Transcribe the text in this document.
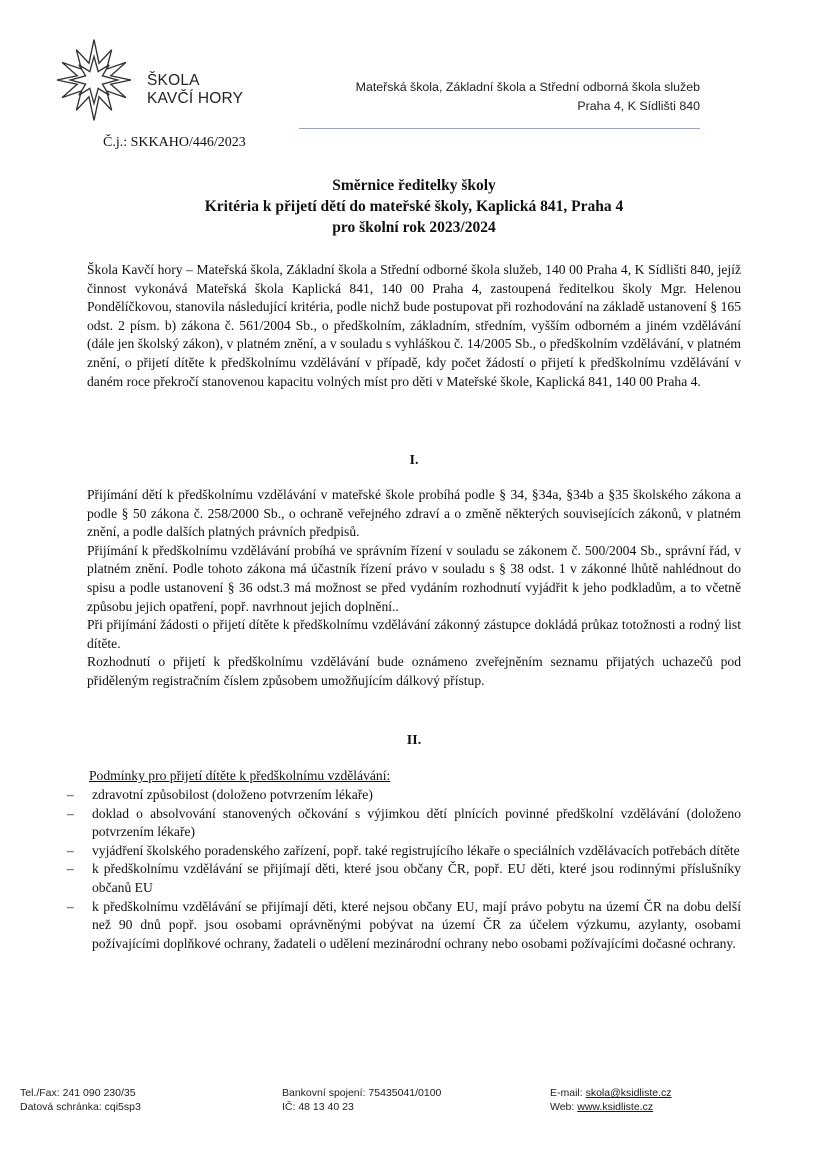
ŠKOLA
KAVČÍ HORY
Mateřská škola, Základní škola a Střední odborná škola služeb
Praha 4, K Sídlišti 840
Č.j.: SKKAHO/446/2023
Směrnice ředitelky školy
Kritéria k přijetí dětí do mateřské školy, Kaplická 841, Praha 4
pro školní rok 2023/2024
Škola Kavčí hory – Mateřská škola, Základní škola a Střední odborné škola služeb, 140 00 Praha 4, K Sídlišti 840, jejíž činnost vykonává Mateřská škola Kaplická 841, 140 00 Praha 4, zastoupená ředitelkou školy Mgr. Helenou Pondělíčkovou, stanovila následující kritéria, podle nichž bude postupovat při rozhodování na základě ustanovení § 165 odst. 2 písm. b) zákona č. 561/2004 Sb., o předškolním, základním, středním, vyšším odborném a jiném vzdělávání (dále jen školský zákon), v platném znění, a v souladu s vyhláškou č. 14/2005 Sb., o předškolním vzdělávání, v platném znění, o přijetí dítěte k předškolnímu vzdělávání v případě, kdy počet žádostí o přijetí k předškolnímu vzdělávání v daném roce překročí stanovenou kapacitu volných míst pro děti v Mateřské škole, Kaplická 841, 140 00 Praha 4.
I.

Přijímání dětí k předškolnímu vzdělávání v mateřské škole probíhá podle § 34, §34a, §34b a §35 školského zákona a podle § 50 zákona č. 258/2000 Sb., o ochraně veřejného zdraví a o změně některých souvisejících zákonů, v platném znění, a podle dalších platných právních předpisů.

Přijímání k předškolnímu vzdělávání probíhá ve správním řízení v souladu se zákonem č. 500/2004 Sb., správní řád, v platném znění. Podle tohoto zákona má účastník řízení právo v souladu s § 38 odst. 1 v zákonné lhůtě nahlédnout do spisu a podle ustanovení § 36 odst.3 má možnost se před vydáním rozhodnutí vyjádřit k jeho podkladům, a to včetně způsobu jejich opatření, popř. navrhnout jejich doplnění..

Při přijímání žádosti o přijetí dítěte k předškolnímu vzdělávání zákonný zástupce dokládá průkaz totožnosti a rodný list dítěte.

Rozhodnutí o přijetí k předškolnímu vzdělávání bude oznámeno zveřejněním seznamu přijatých uchazečů pod přiděleným registračním číslem způsobem umožňujícím dálkový přístup.

II.
Podmínky pro přijetí dítěte k předškolnímu vzdělávání:
– zdravotní způsobilost (doloženo potvrzením lékaře)
– doklad o absolvování stanovených očkování s výjimkou dětí plnících povinné předškolní vzdělávání (doloženo potvrzením lékaře)
– vyjádření školského poradenského zařízení, popř. také registrujícího lékaře o speciálních vzdělávacích potřebách dítěte
– k předškolnímu vzdělávání se přijímají děti, které jsou občany ČR, popř. EU děti, které jsou rodinnými příslušníky občanů EU
– k předškolnímu vzdělávání se přijímají děti, které nejsou občany EU, mají právo pobytu na území ČR na dobu delší než 90 dnů popř. jsou osobami oprávněnými pobývat na území ČR za účelem výzkumu, azylanty, osobami požívajícími doplňkové ochrany, žadateli o udělení mezinárodní ochrany nebo osobami požívajícími dočasné ochrany.
Tel./Fax: 241 090 230/35
Datová schránka: cqi5sp3
Bankovní spojení: 75435041/0100
IČ: 48 13 40 23
E-mail: skola@ksidliste.cz
Web: www.ksidliste.cz
